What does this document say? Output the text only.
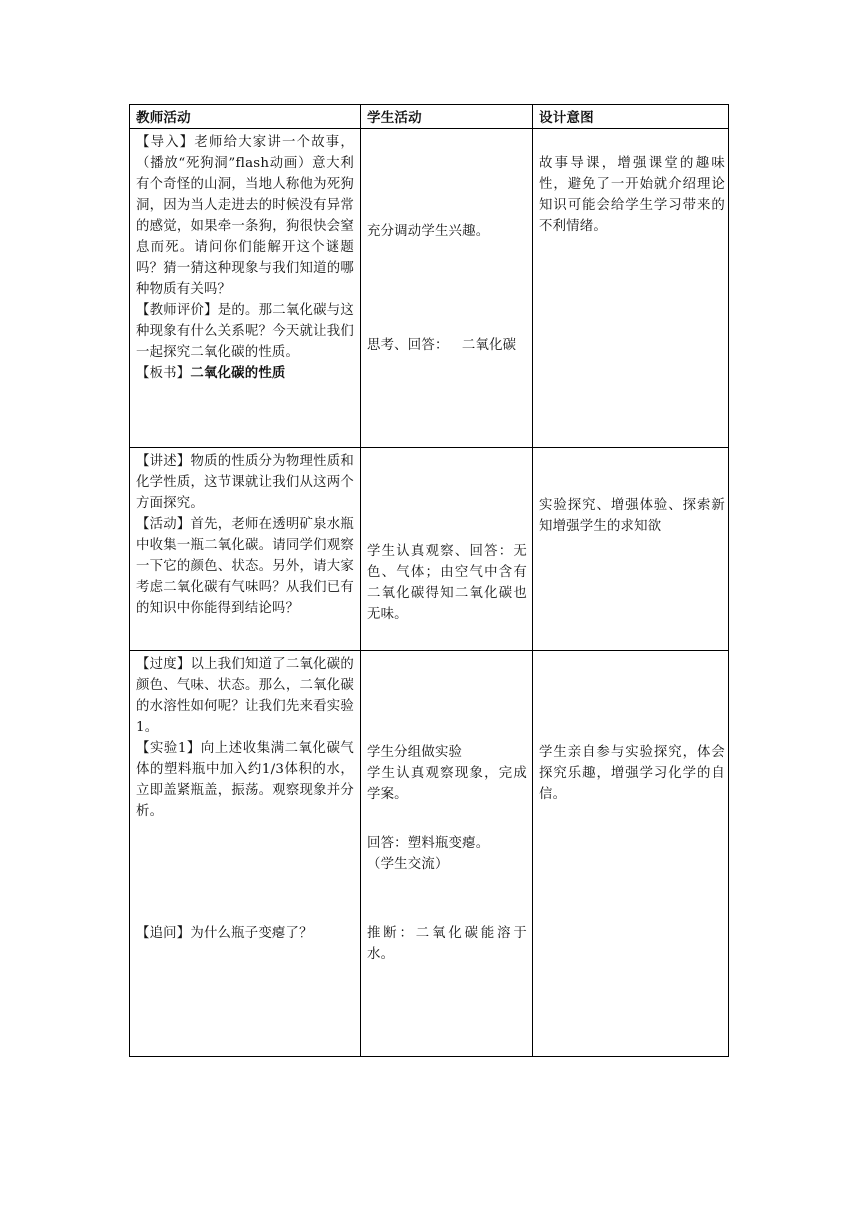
教师活动	学生活动	设计意图
【导入】老师给大家讲一个故事，（播放“死狗洞”flash动画）意大利有个奇怪的山洞，当地人称他为死狗洞，因为当人走进去的时候没有异常的感觉，如果牵一条狗，狗很快会窒息而死。请问你们能解开这个谜题吗？猜一猜这种现象与我们知道的哪种物质有关吗？
【教师评价】是的。那二氧化碳与这种现象有什么关系呢？今天就让我们一起探究二氧化碳的性质。
【板书】二氧化碳的性质
充分调动学生兴趣。
思考、回答：   二氧化碳
故事导课，增强课堂的趣味性，避免了一开始就介绍理论知识可能会给学生学习带来的不利情绪。
【讲述】物质的性质分为物理性质和化学性质，这节课就让我们从这两个方面探究。
【活动】首先，老师在透明矿泉水瓶中收集一瓶二氧化碳。请同学们观察一下它的颜色、状态。另外，请大家考虑二氧化碳有气味吗？从我们已有的知识中你能得到结论吗？
学生认真观察、回答：无色、气体；由空气中含有二氧化碳得知二氧化碳也无味。
实验探究、增强体验、探索新知增强学生的求知欲
【过度】以上我们知道了二氧化碳的颜色、气味、状态。那么，二氧化碳的水溶性如何呢？让我们先来看实验1。
【实验1】向上述收集满二氧化碳气体的塑料瓶中加入约1/3体积的水，立即盖紧瓶盖，振荡。观察现象并分析。
【追问】为什么瓶子变瘪了？
学生分组做实验
学生认真观察现象，完成学案。
回答：塑料瓶变瘪。
（学生交流）
推断：二氧化碳能溶于水。
学生亲自参与实验探究，体会探究乐趣，增强学习化学的自信。
